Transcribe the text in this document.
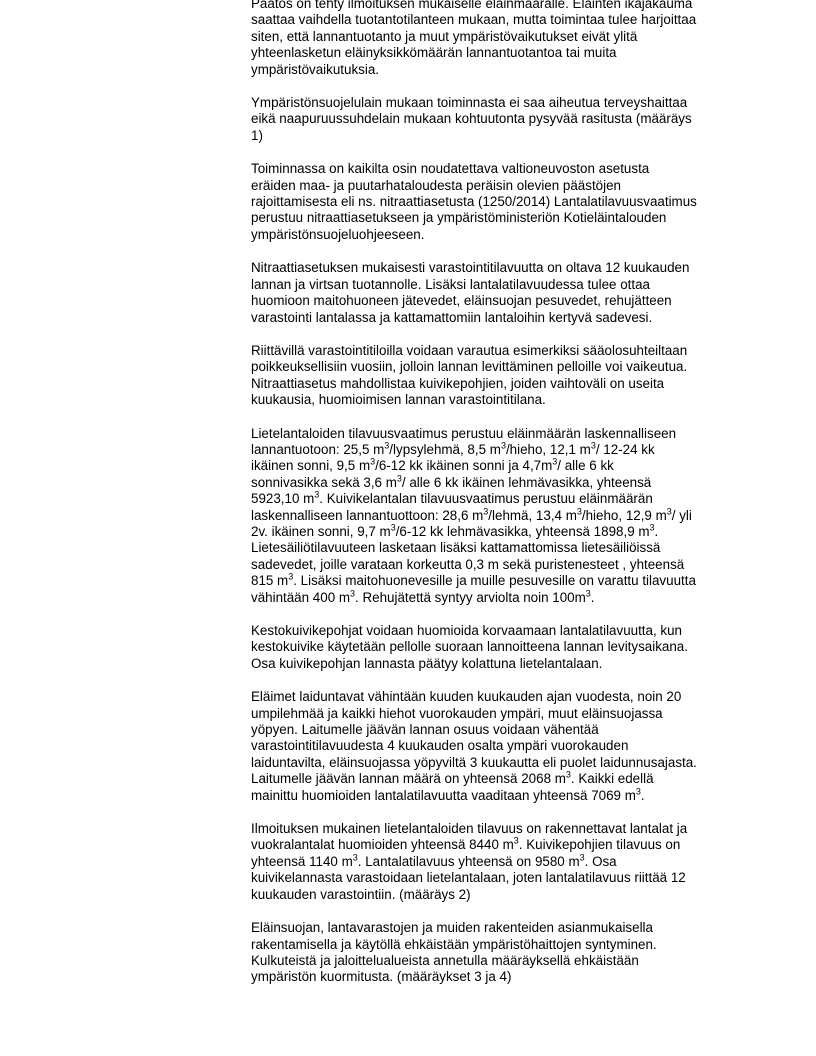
Päätös on tehty ilmoituksen mukaiselle eläinmäärälle. Eläinten ikäjakauma
saattaa vaihdella tuotantotilanteen mukaan, mutta toimintaa tulee harjoittaa
siten, että lannantuotanto ja muut ympäristövaikutukset eivät ylitä
yhteenlasketun eläinyksikkömäärän lannantuotantoa tai muita
ympäristövaikutuksia.

Ympäristönsuojelulain mukaan toiminnasta ei saa aiheutua terveyshaittaa
eikä naapuruussuhdelain mukaan kohtuutonta pysyvää rasitusta (määräys
1)

Toiminnassa on kaikilta osin noudatettava valtioneuvoston asetusta
eräiden maa- ja puutarhataloudesta peräisin olevien päästöjen
rajoittamisesta eli ns. nitraattiasetusta (1250/2014) Lantalatilavuusvaatimus
perustuu nitraattiasetukseen ja ympäristöministeriön Kotieläintalouden
ympäristönsuojeluohjeeseen.

Nitraattiasetuksen mukaisesti varastointitilavuutta on oltava 12 kuukauden
lannan ja virtsan tuotannolle. Lisäksi lantalatilavuudessa tulee ottaa
huomioon maitohuoneen jätevedet, eläinsuojan pesuvedet, rehujätteen
varastointi lantalassa ja kattamattomiin lantaloihin kertyvä sadevesi.

Riittävillä varastointitiloilla voidaan varautua esimerkiksi sääolosuhteiltaan
poikkeuksellisiin vuosiin, jolloin lannan levittäminen pelloille voi vaikeutua.
Nitraattiasetus mahdollistaa kuivikepohjien, joiden vaihtoväli on useita
kuukausia, huomioimisen lannan varastointitilana.

Lietelantaloiden tilavuusvaatimus perustuu eläinmäärän laskennalliseen
lannantuotoon: 25,5 $m^3$/lypsylehmä, 8,5 $m^3$/hieho, 12,1 $m^3/$ 12-24 kk
ikäinen sonni, 9,5 $m^3/6-12$ kk ikäinen sonni ja $4,7m^3/$ alle 6 kk
sonnivasikka sekä 3,6 $m^3/$ alle 6 kk ikäinen lehmävasikka, yhteensä
5923,10 $m^3$. Kuivikelantalan tilavuusvaatimus perustuu eläinmäärän
laskennalliseen lannantuottoon: 28,6 $m^3$/lehmä, 13,4 $m^3$/hieho, 12,9 $m^3/$ yli
2v. ikäinen sonni, 9,7 $m^3/6-12$ kk lehmävasikka, yhteensä 1898,9 $m^3$.
Lietesäiliötilavuuteen lasketaan lisäksi kattamattomissa lietesäiliöissä
sadevedet, joille varataan korkeutta 0,3 m sekä puristenesteet , yhteensä
815 $m^3$. Lisäksi maitohuonevesille ja muille pesuvesille on varattu tilavuutta
vähintään 400 $m^3$. Rehujätettä syntyy arviolta noin $100m^3$.

Kestokuivikepohjat voidaan huomioida korvaamaan lantalatilavuutta, kun
kestokuivike käytetään pellolle suoraan lannoitteena lannan levitysaikana.
Osa kuivikepohjan lannasta päätyy kolattuna lietelantalaan.

Eläimet laiduntavat vähintään kuuden kuukauden ajan vuodesta, noin 20
umpilehmää ja kaikki hiehot vuorokauden ympäri, muut eläinsuojassa
yöpyen. Laitumelle jäävän lannan osuus voidaan vähentää
varastointitilavuudesta 4 kuukauden osalta ympäri vuorokauden
laiduntavilta, eläinsuojassa yöpyviltä 3 kuukautta eli puolet laidunnusajasta.
Laitumelle jäävän lannan määrä on yhteensä 2068 $m^3$. Kaikki edellä
mainittu huomioiden lantalatilavuutta vaaditaan yhteensä 7069 $m^3$.

Ilmoituksen mukainen lietelantaloiden tilavuus on rakennettavat lantalat ja
vuokralantalat huomioiden yhteensä 8440 $m^3$. Kuivikepohjien tilavuus on
yhteensä 1140 $m^3$. Lantalatilavuus yhteensä on 9580 $m^3$. Osa
kuivikelannasta varastoidaan lietelantalaan, joten lantalatilavuus riittää 12
kuukauden varastointiin. (määräys 2)

Eläinsuojan, lantavarastojen ja muiden rakenteiden asianmukaisella
rakentamisella ja käytöllä ehkäistään ympäristöhaittojen syntyminen.
Kulkuteistä ja jaloittelualueista annetulla määräyksellä ehkäistään
ympäristön kuormitusta. (määräykset 3 ja 4)
